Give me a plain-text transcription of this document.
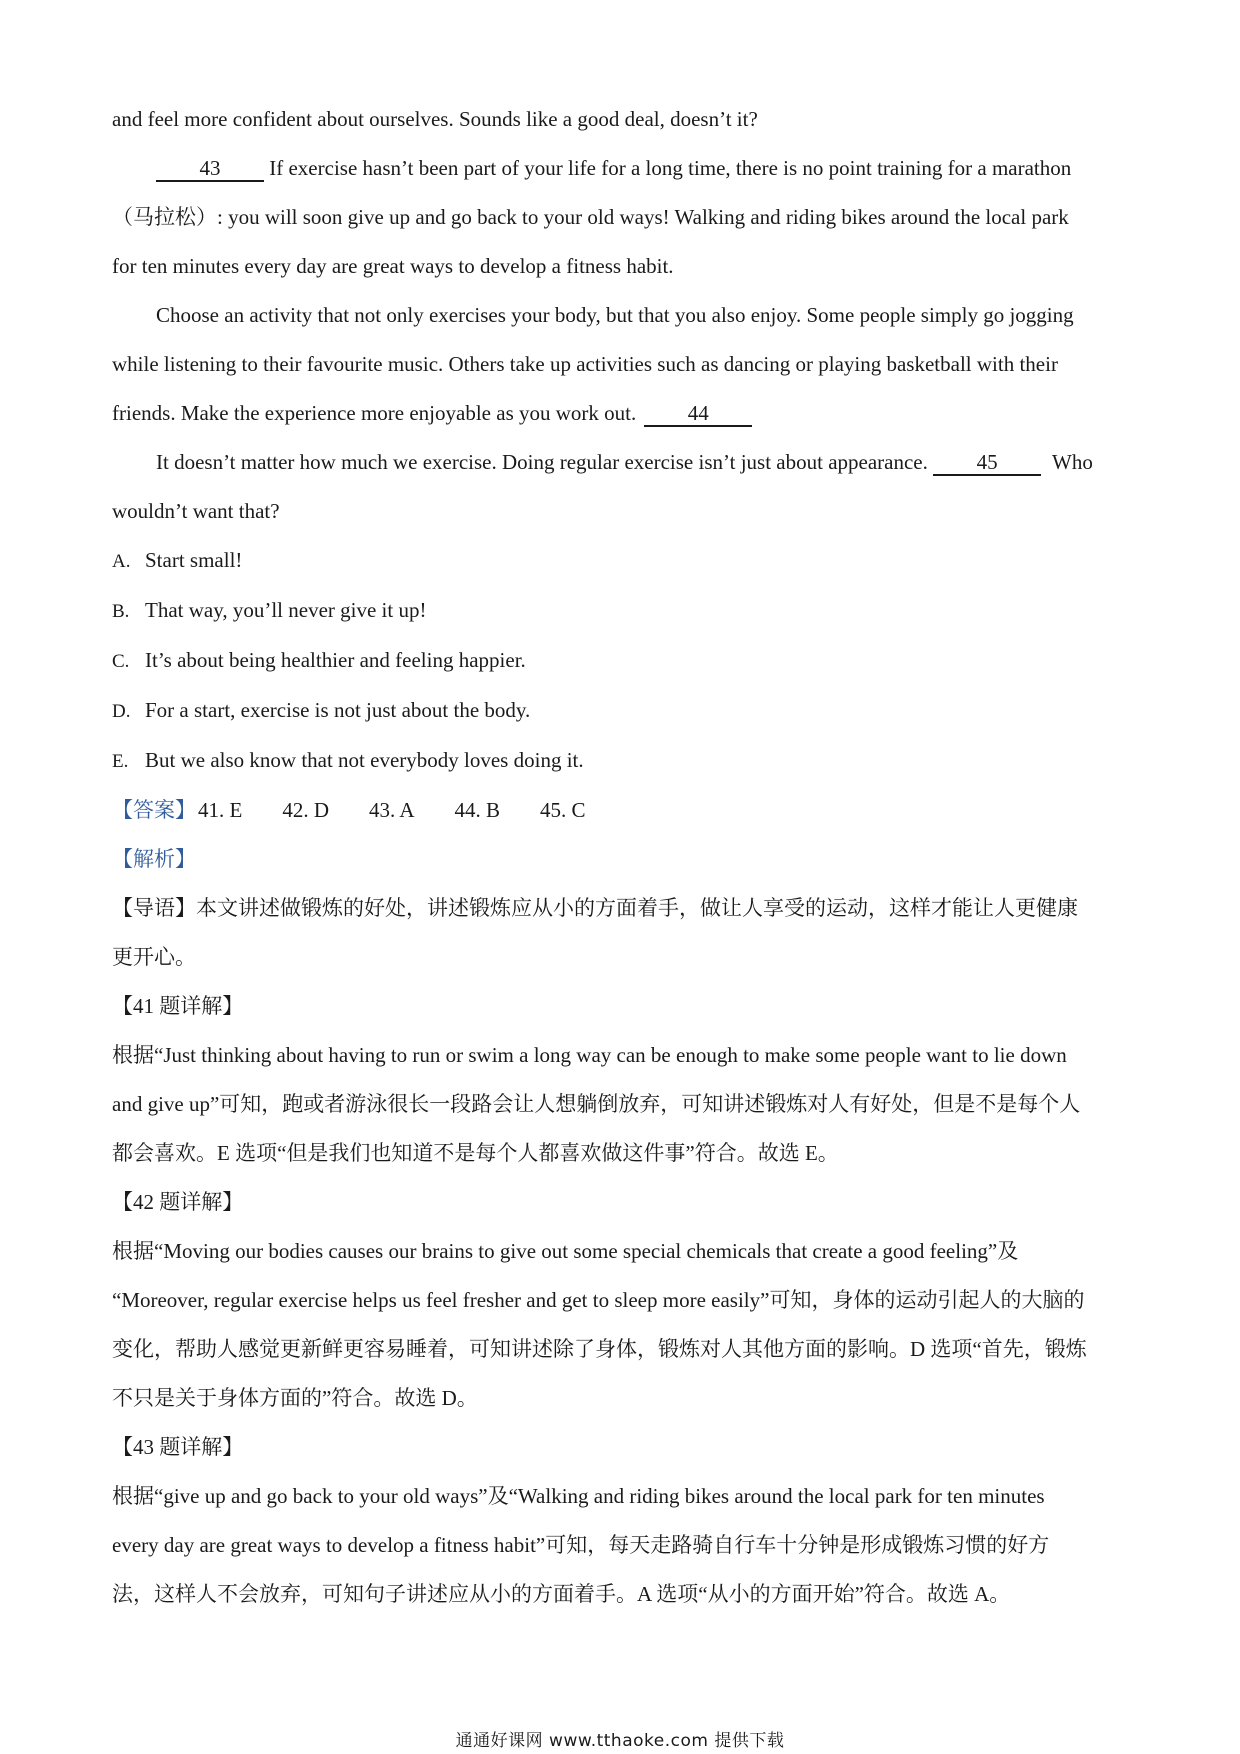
and feel more confident about ourselves. Sounds like a good deal, doesn’t it?

43 If exercise hasn’t been part of your life for a long time, there is no point training for a marathon

（马拉松）: you will soon give up and go back to your old ways! Walking and riding bikes around the local park

for ten minutes every day are great ways to develop a fitness habit.

Choose an activity that not only exercises your body, but that you also enjoy. Some people simply go jogging

while listening to their favourite music. Others take up activities such as dancing or playing basketball with their

friends. Make the experience more enjoyable as you work out. 44

It doesn’t matter how much we exercise. Doing regular exercise isn’t just about appearance. 45	Who

wouldn’t want that?

A. Start small!

B. That way, you’ll never give it up!

C. It’s about being healthier and feeling happier.

D. For a start, exercise is not just about the body.

E. But we also know that not everybody loves doing it.

【答案】41. E 42. D 43. A 44. B 45. C

【解析】

【导语】本文讲述做锻炼的好处，讲述锻炼应从小的方面着手，做让人享受的运动，这样才能让人更健康

更开心。

【41 题详解】

根据“Just thinking about having to run or swim a long way can be enough to make some people want to lie down

and give up”可知，跑或者游泳很长一段路会让人想躺倒放弃，可知讲述锻炼对人有好处，但是不是每个人

都会喜欢。E 选项“但是我们也知道不是每个人都喜欢做这件事”符合。故选 E。

【42 题详解】

根据“Moving our bodies causes our brains to give out some special chemicals that create a good feeling”及

“Moreover, regular exercise helps us feel fresher and get to sleep more easily”可知，身体的运动引起人的大脑的

变化，帮助人感觉更新鲜更容易睡着，可知讲述除了身体，锻炼对人其他方面的影响。D 选项“首先，锻炼

不只是关于身体方面的”符合。故选 D。

【43 题详解】

根据“give up and go back to your old ways”及“Walking and riding bikes around the local park for ten minutes

every day are great ways to develop a fitness habit”可知，每天走路骑自行车十分钟是形成锻炼习惯的好方

法，这样人不会放弃，可知句子讲述应从小的方面着手。A 选项“从小的方面开始”符合。故选 A。

通通好课网 www.tthaoke.com 提供下载
